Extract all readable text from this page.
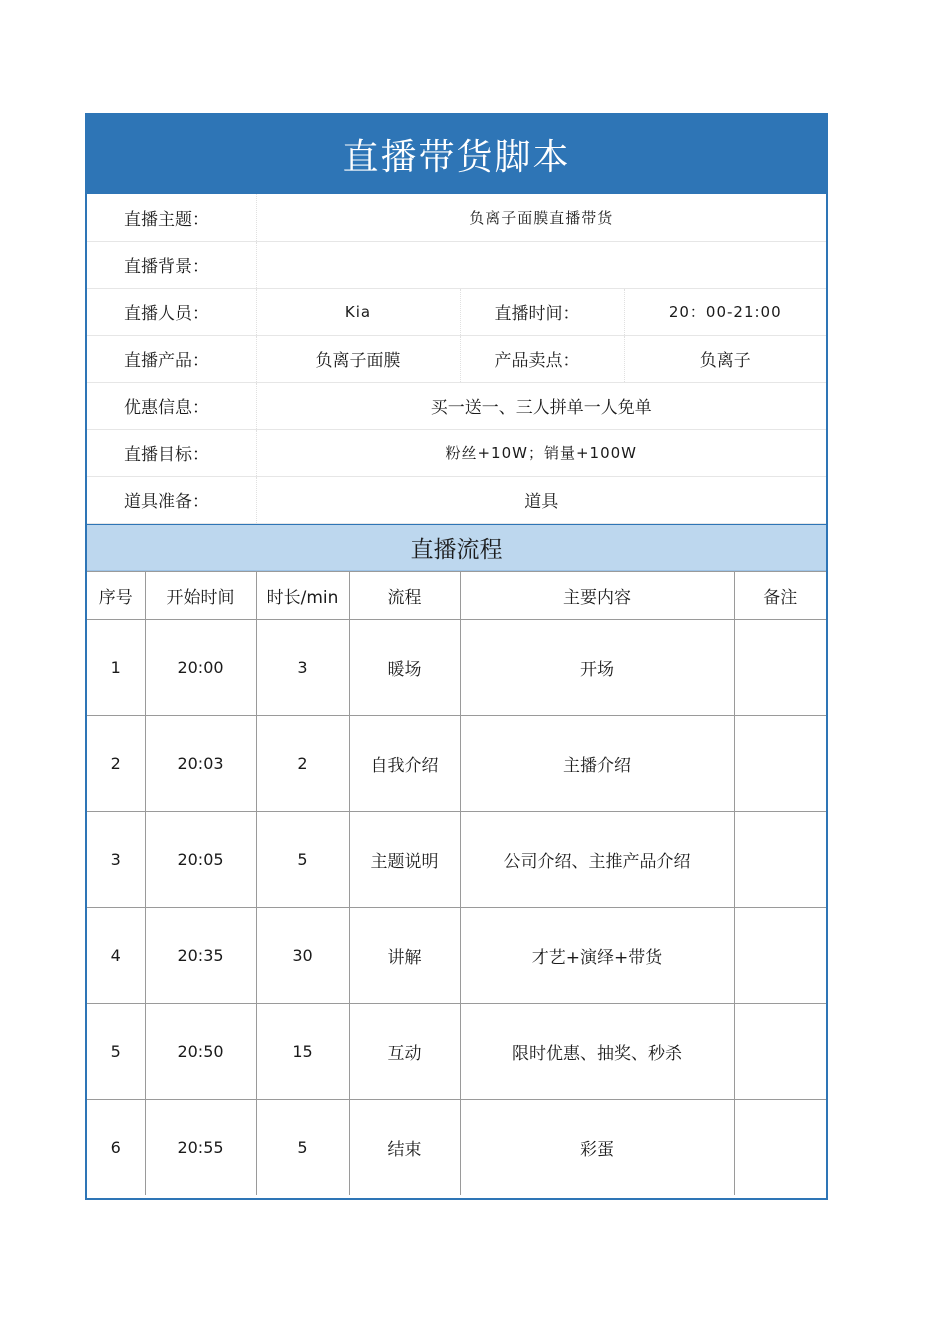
直播带货脚本
直播主题：	负离子面膜直播带货		
直播背景：			
直播人员：	Kia	直播时间：	20：00-21:00
直播产品：	负离子面膜	产品卖点：	负离子
优惠信息：	买一送一、三人拼单一人免单		
直播目标：	粉丝+10W；销量+100W		
道具准备：	道具		
直播流程
序号	开始时间	时长/min	流程	主要内容	备注
1	20:00	3	暖场	开场	
2	20:03	2	自我介绍	主播介绍	
3	20:05	5	主题说明	公司介绍、主推产品介绍	
4	20:35	30	讲解	才艺+演绎+带货	
5	20:50	15	互动	限时优惠、抽奖、秒杀	
6	20:55	5	结束	彩蛋	
